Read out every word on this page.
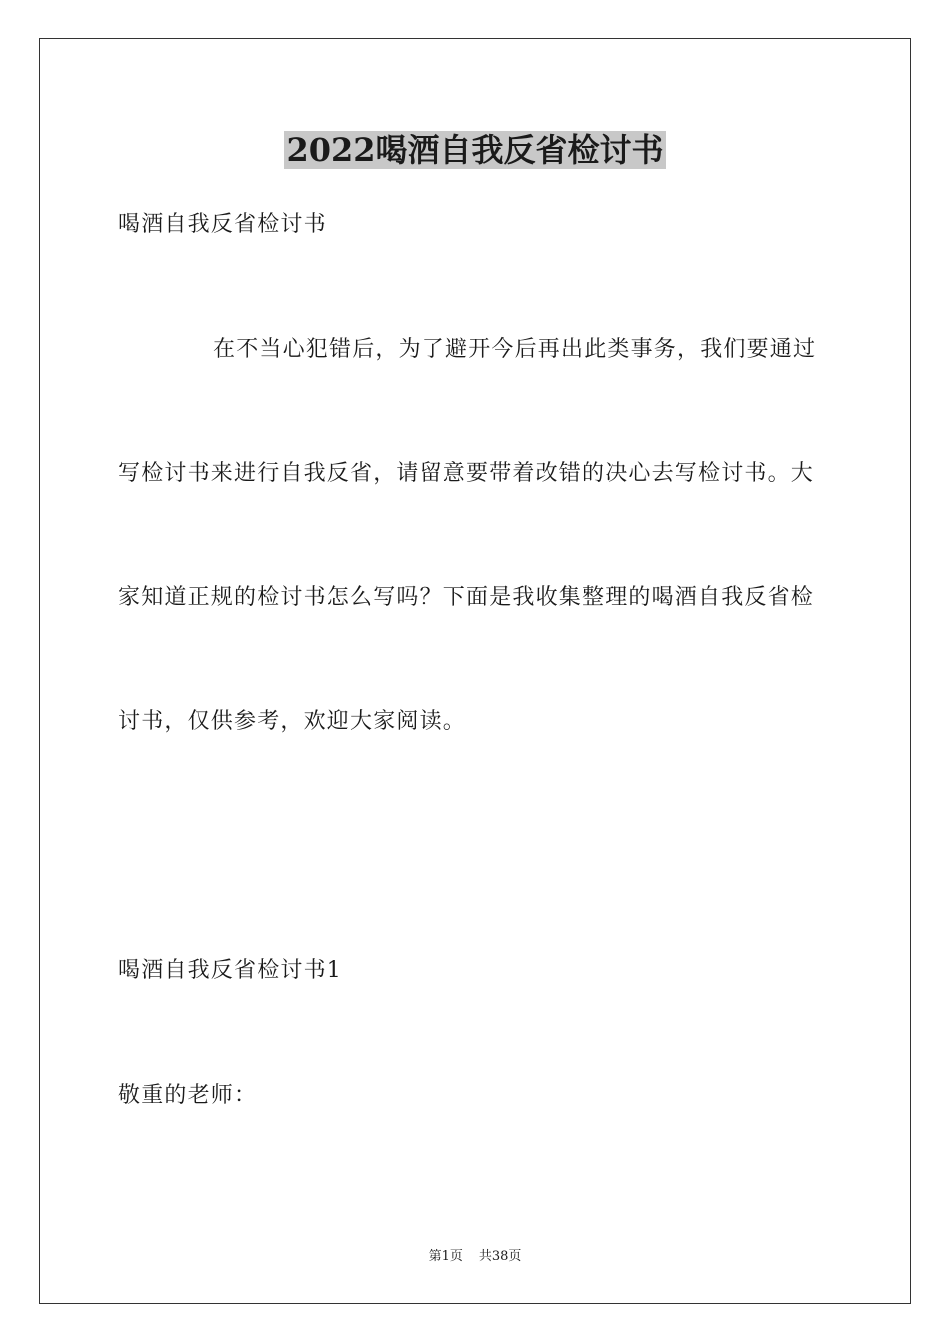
2022喝酒自我反省检讨书
喝酒自我反省检讨书
在不当心犯错后，为了避开今后再出此类事务，我们要通过
写检讨书来进行自我反省，请留意要带着改错的决心去写检讨书。大
家知道正规的检讨书怎么写吗？下面是我收集整理的喝酒自我反省检
讨书，仅供参考，欢迎大家阅读。
喝酒自我反省检讨书1
敬重的老师：
第1页 共38页
